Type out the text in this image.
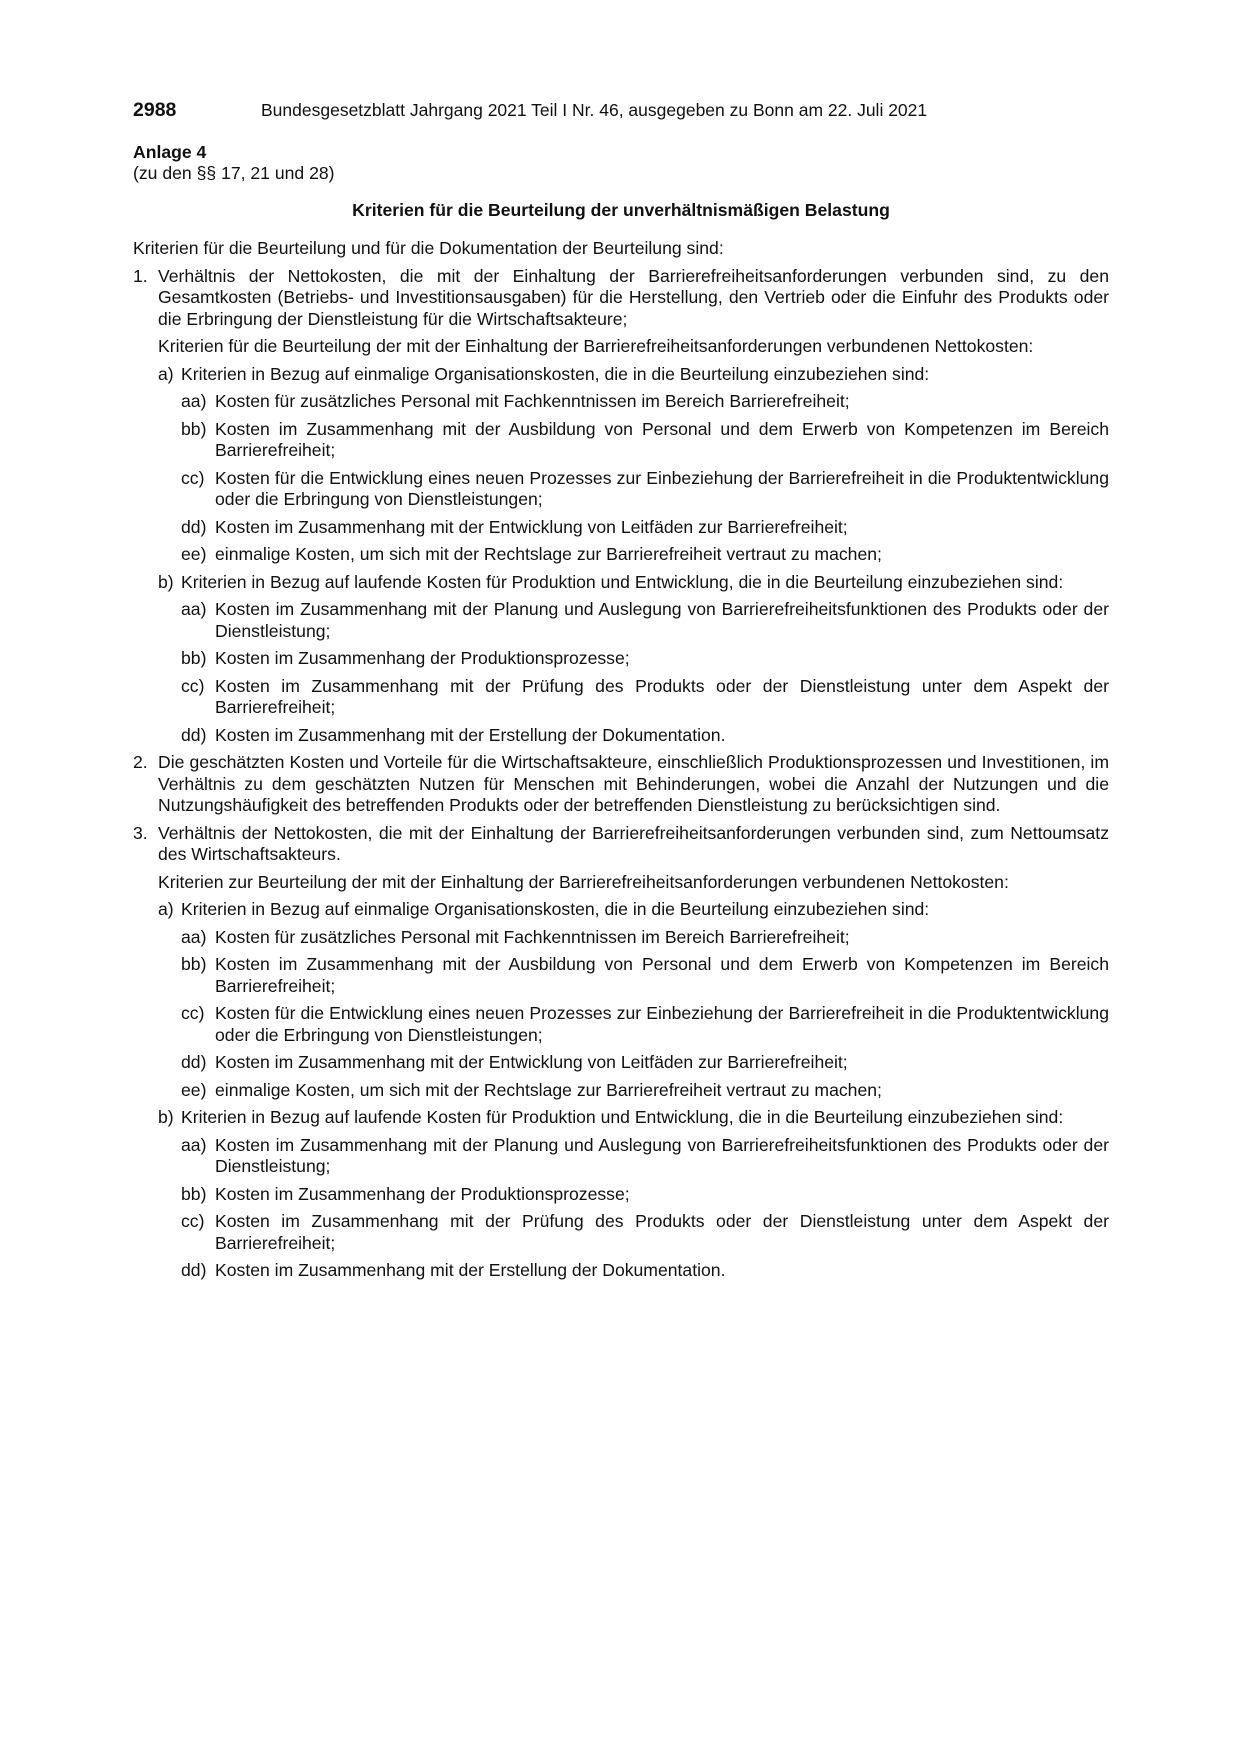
2988	Bundesgesetzblatt Jahrgang 2021 Teil I Nr. 46, ausgegeben zu Bonn am 22. Juli 2021
Anlage 4
(zu den §§ 17, 21 und 28)
Kriterien für die Beurteilung der unverhältnismäßigen Belastung
Kriterien für die Beurteilung und für die Dokumentation der Beurteilung sind:
1. Verhältnis der Nettokosten, die mit der Einhaltung der Barrierefreiheitsanforderungen verbunden sind, zu den Gesamtkosten (Betriebs- und Investitionsausgaben) für die Herstellung, den Vertrieb oder die Einfuhr des Produkts oder die Erbringung der Dienstleistung für die Wirtschaftsakteure;
Kriterien für die Beurteilung der mit der Einhaltung der Barrierefreiheitsanforderungen verbundenen Nettokosten:
a) Kriterien in Bezug auf einmalige Organisationskosten, die in die Beurteilung einzubeziehen sind:
aa) Kosten für zusätzliches Personal mit Fachkenntnissen im Bereich Barrierefreiheit;
bb) Kosten im Zusammenhang mit der Ausbildung von Personal und dem Erwerb von Kompetenzen im Bereich Barrierefreiheit;
cc) Kosten für die Entwicklung eines neuen Prozesses zur Einbeziehung der Barrierefreiheit in die Produktentwicklung oder die Erbringung von Dienstleistungen;
dd) Kosten im Zusammenhang mit der Entwicklung von Leitfäden zur Barrierefreiheit;
ee) einmalige Kosten, um sich mit der Rechtslage zur Barrierefreiheit vertraut zu machen;
b) Kriterien in Bezug auf laufende Kosten für Produktion und Entwicklung, die in die Beurteilung einzubeziehen sind:
aa) Kosten im Zusammenhang mit der Planung und Auslegung von Barrierefreiheitsfunktionen des Produkts oder der Dienstleistung;
bb) Kosten im Zusammenhang der Produktionsprozesse;
cc) Kosten im Zusammenhang mit der Prüfung des Produkts oder der Dienstleistung unter dem Aspekt der Barrierefreiheit;
dd) Kosten im Zusammenhang mit der Erstellung der Dokumentation.
2. Die geschätzten Kosten und Vorteile für die Wirtschaftsakteure, einschließlich Produktionsprozessen und Investitionen, im Verhältnis zu dem geschätzten Nutzen für Menschen mit Behinderungen, wobei die Anzahl der Nutzungen und die Nutzungshäufigkeit des betreffenden Produkts oder der betreffenden Dienstleistung zu berücksichtigen sind.
3. Verhältnis der Nettokosten, die mit der Einhaltung der Barrierefreiheitsanforderungen verbunden sind, zum Nettoumsatz des Wirtschaftsakteurs.
Kriterien zur Beurteilung der mit der Einhaltung der Barrierefreiheitsanforderungen verbundenen Nettokosten:
a) Kriterien in Bezug auf einmalige Organisationskosten, die in die Beurteilung einzubeziehen sind:
aa) Kosten für zusätzliches Personal mit Fachkenntnissen im Bereich Barrierefreiheit;
bb) Kosten im Zusammenhang mit der Ausbildung von Personal und dem Erwerb von Kompetenzen im Bereich Barrierefreiheit;
cc) Kosten für die Entwicklung eines neuen Prozesses zur Einbeziehung der Barrierefreiheit in die Produktentwicklung oder die Erbringung von Dienstleistungen;
dd) Kosten im Zusammenhang mit der Entwicklung von Leitfäden zur Barrierefreiheit;
ee) einmalige Kosten, um sich mit der Rechtslage zur Barrierefreiheit vertraut zu machen;
b) Kriterien in Bezug auf laufende Kosten für Produktion und Entwicklung, die in die Beurteilung einzubeziehen sind:
aa) Kosten im Zusammenhang mit der Planung und Auslegung von Barrierefreiheitsfunktionen des Produkts oder der Dienstleistung;
bb) Kosten im Zusammenhang der Produktionsprozesse;
cc) Kosten im Zusammenhang mit der Prüfung des Produkts oder der Dienstleistung unter dem Aspekt der Barrierefreiheit;
dd) Kosten im Zusammenhang mit der Erstellung der Dokumentation.
